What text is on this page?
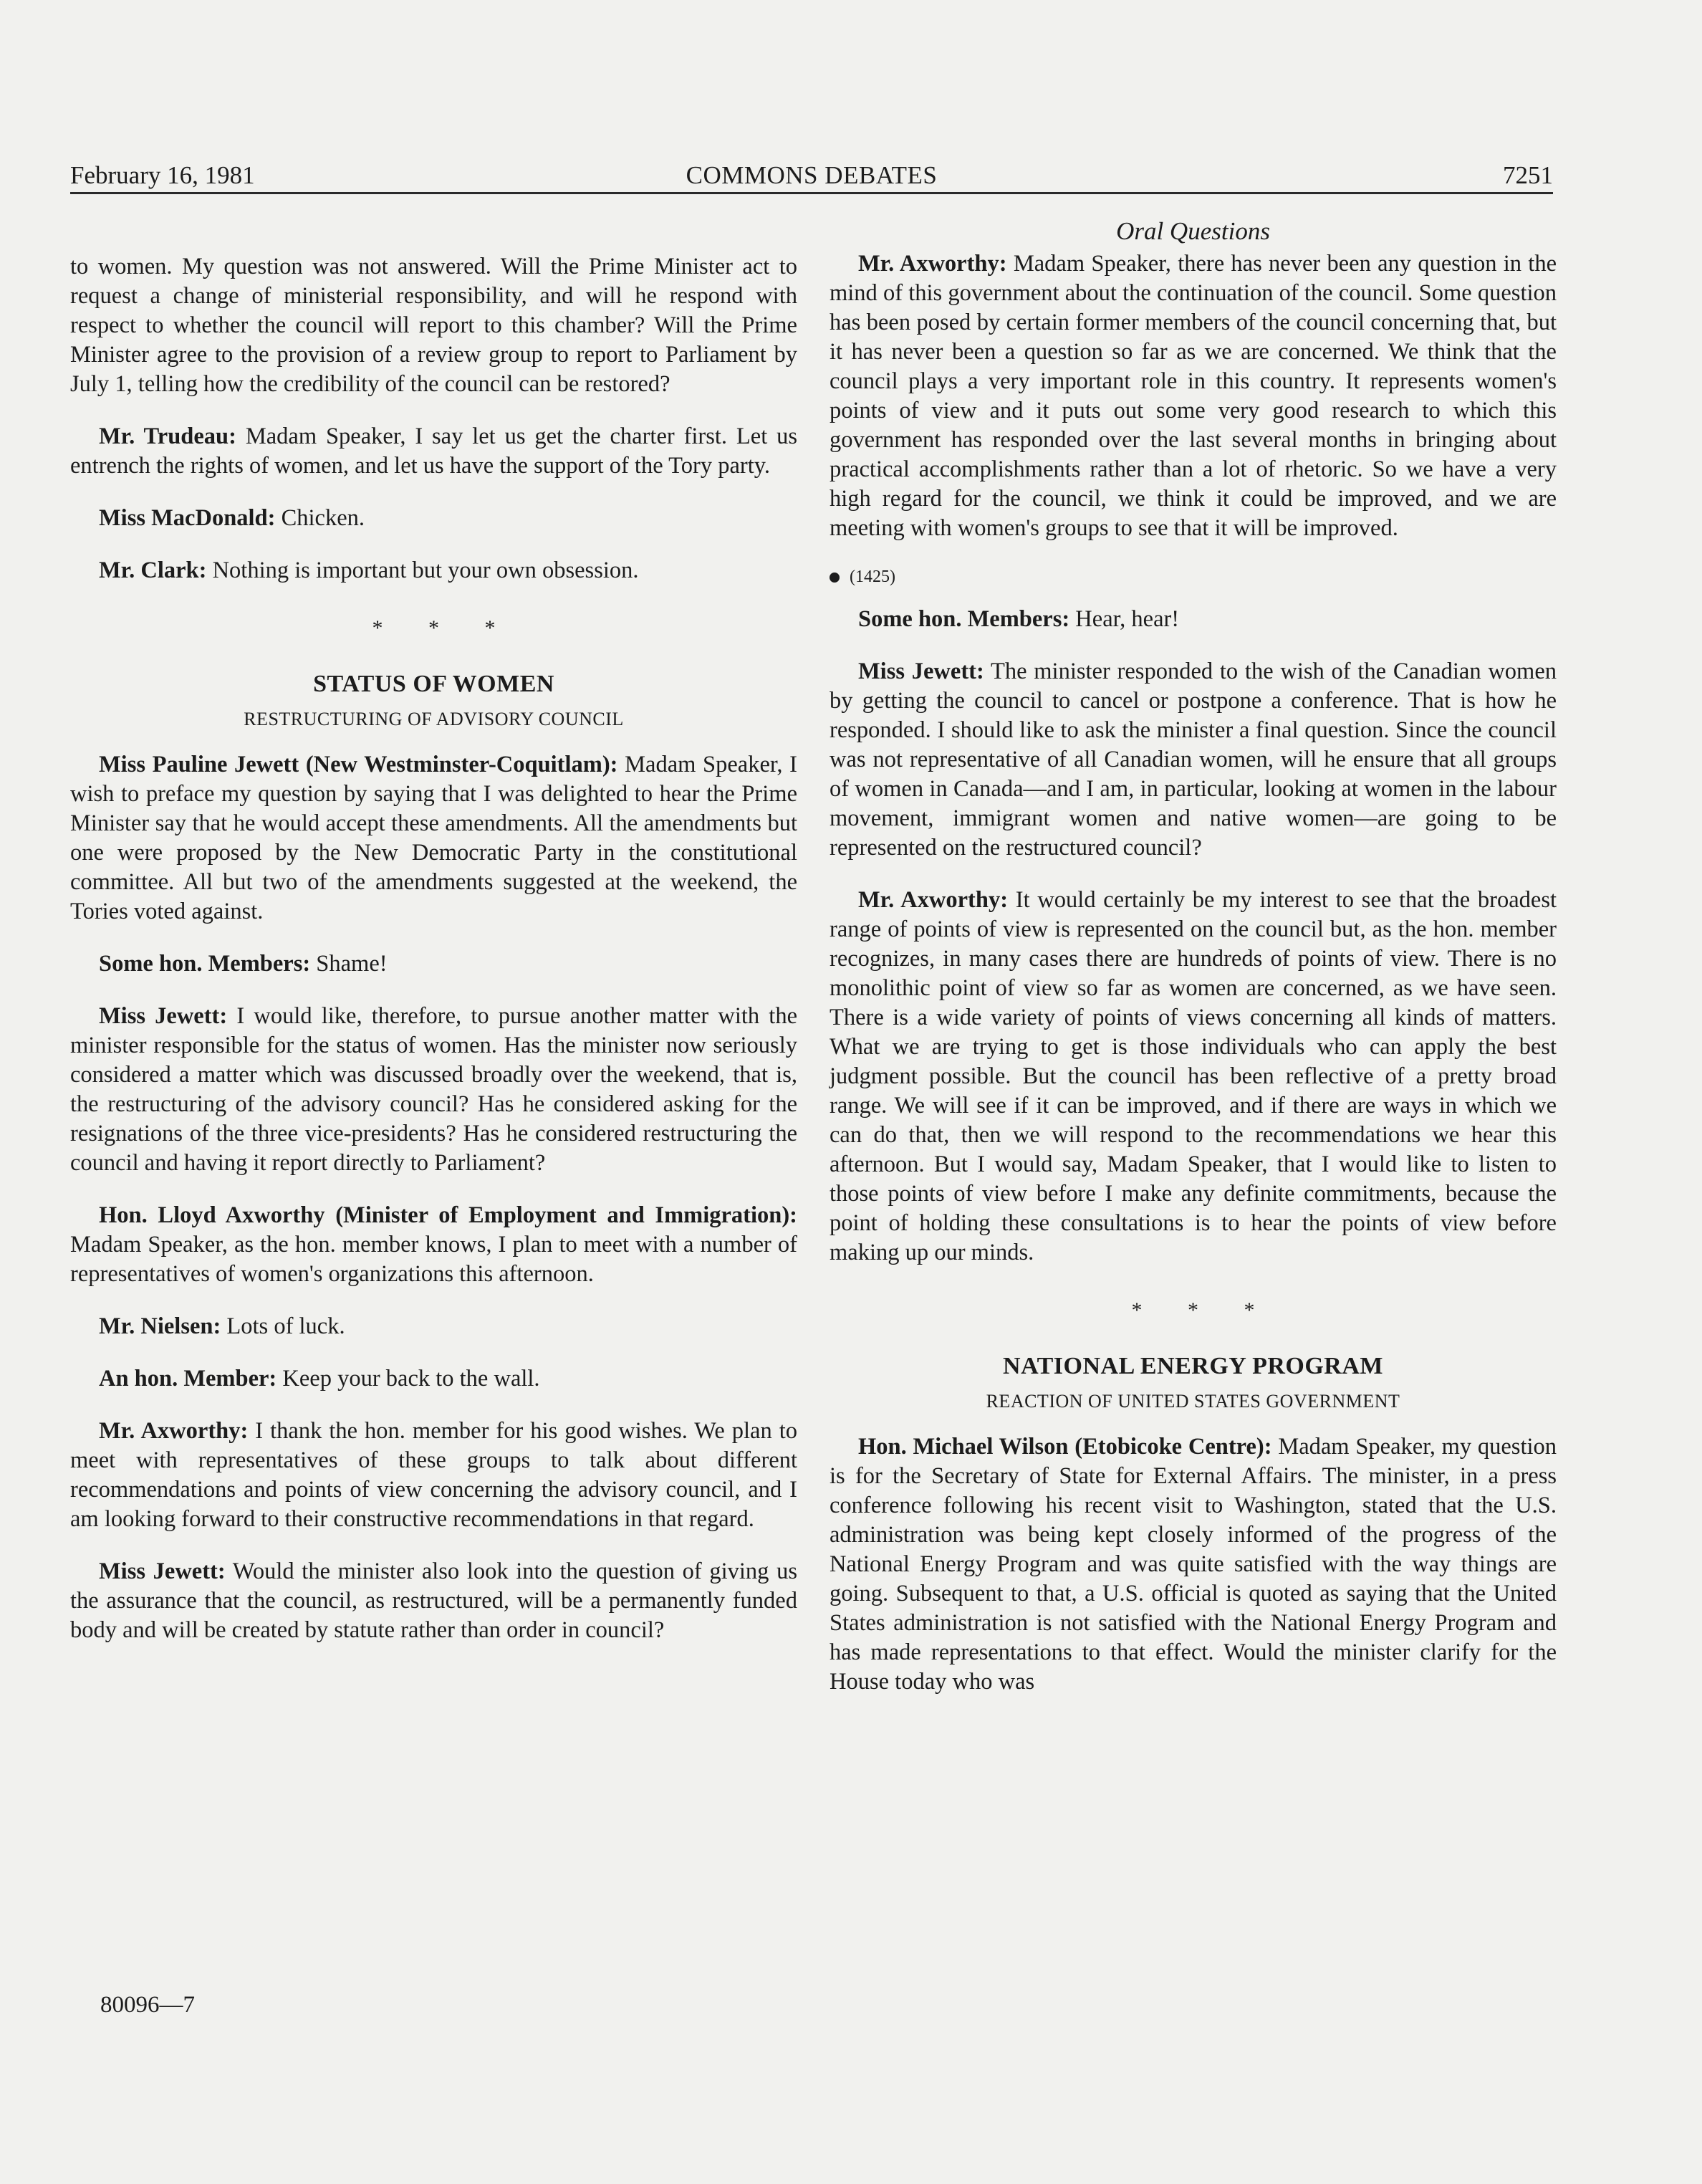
February 16, 1981	COMMONS DEBATES	7251

to women. My question was not answered. Will the Prime Minister act to request a change of ministerial responsibility, and will he respond with respect to whether the council will report to this chamber? Will the Prime Minister agree to the provision of a review group to report to Parliament by July 1, telling how the credibility of the council can be restored?

Mr. Trudeau: Madam Speaker, I say let us get the charter first. Let us entrench the rights of women, and let us have the support of the Tory party.

Miss MacDonald: Chicken.

Mr. Clark: Nothing is important but your own obsession.

* * *
STATUS OF WOMEN
RESTRUCTURING OF ADVISORY COUNCIL

Miss Pauline Jewett (New Westminster-Coquitlam): Madam Speaker, I wish to preface my question by saying that I was delighted to hear the Prime Minister say that he would accept these amendments. All the amendments but one were proposed by the New Democratic Party in the constitutional committee. All but two of the amendments suggested at the weekend, the Tories voted against.

Some hon. Members: Shame!

Miss Jewett: I would like, therefore, to pursue another matter with the minister responsible for the status of women. Has the minister now seriously considered a matter which was discussed broadly over the weekend, that is, the restructuring of the advisory council? Has he considered asking for the resignations of the three vice-presidents? Has he considered restructuring the council and having it report directly to Parliament?

Hon. Lloyd Axworthy (Minister of Employment and Immigration): Madam Speaker, as the hon. member knows, I plan to meet with a number of representatives of women's organizations this afternoon.

Mr. Nielsen: Lots of luck.

An hon. Member: Keep your back to the wall.

Mr. Axworthy: I thank the hon. member for his good wishes. We plan to meet with representatives of these groups to talk about different recommendations and points of view concerning the advisory council, and I am looking forward to their constructive recommendations in that regard.

Miss Jewett: Would the minister also look into the question of giving us the assurance that the council, as restructured, will be a permanently funded body and will be created by statute rather than order in council?

Oral Questions

Mr. Axworthy: Madam Speaker, there has never been any question in the mind of this government about the continuation of the council. Some question has been posed by certain former members of the council concerning that, but it has never been a question so far as we are concerned. We think that the council plays a very important role in this country. It represents women's points of view and it puts out some very good research to which this government has responded over the last several months in bringing about practical accomplishments rather than a lot of rhetoric. So we have a very high regard for the council, we think it could be improved, and we are meeting with women's groups to see that it will be improved.

(1425)

Some hon. Members: Hear, hear!

Miss Jewett: The minister responded to the wish of the Canadian women by getting the council to cancel or postpone a conference. That is how he responded. I should like to ask the minister a final question. Since the council was not representative of all Canadian women, will he ensure that all groups of women in Canada—and I am, in particular, looking at women in the labour movement, immigrant women and native women—are going to be represented on the restructured council?

Mr. Axworthy: It would certainly be my interest to see that the broadest range of points of view is represented on the council but, as the hon. member recognizes, in many cases there are hundreds of points of view. There is no monolithic point of view so far as women are concerned, as we have seen. There is a wide variety of points of views concerning all kinds of matters. What we are trying to get is those individuals who can apply the best judgment possible. But the council has been reflective of a pretty broad range. We will see if it can be improved, and if there are ways in which we can do that, then we will respond to the recommendations we hear this afternoon. But I would say, Madam Speaker, that I would like to listen to those points of view before I make any definite commitments, because the point of holding these consultations is to hear the points of view before making up our minds.

* * *
NATIONAL ENERGY PROGRAM
REACTION OF UNITED STATES GOVERNMENT

Hon. Michael Wilson (Etobicoke Centre): Madam Speaker, my question is for the Secretary of State for External Affairs. The minister, in a press conference following his recent visit to Washington, stated that the U.S. administration was being kept closely informed of the progress of the National Energy Program and was quite satisfied with the way things are going. Subsequent to that, a U.S. official is quoted as saying that the United States administration is not satisfied with the National Energy Program and has made representations to that effect. Would the minister clarify for the House today who was

80096—7
